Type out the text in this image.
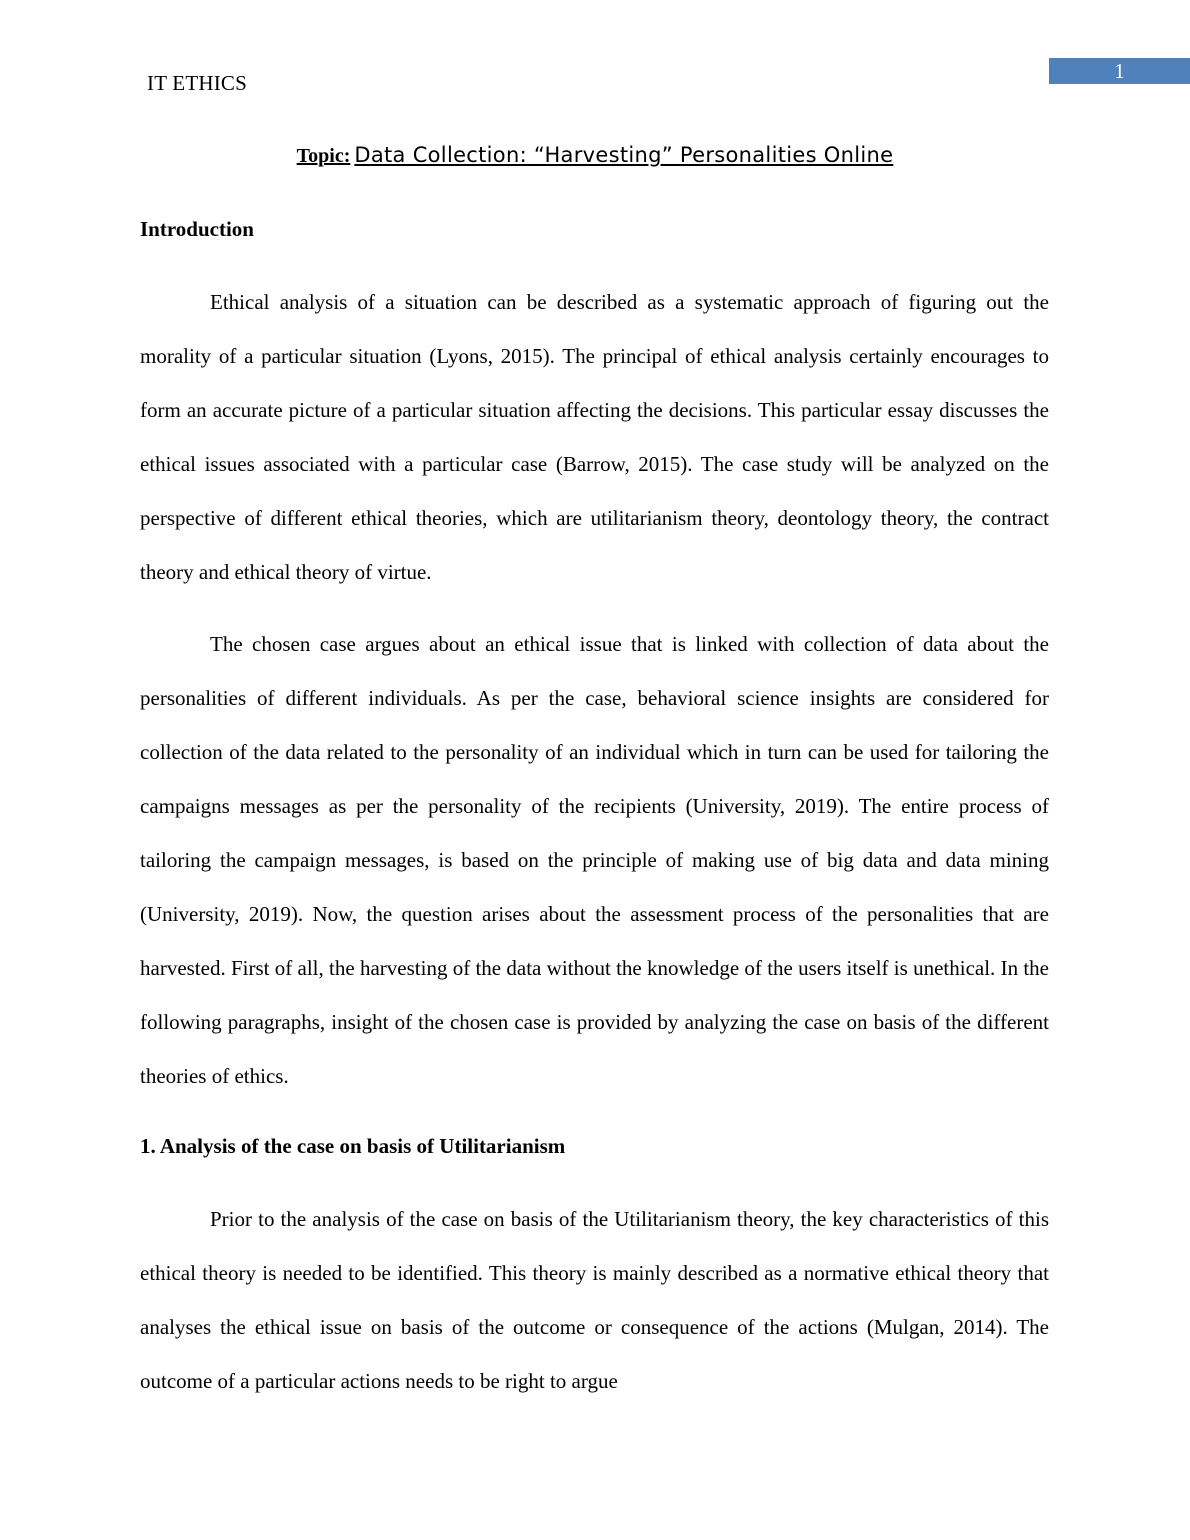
IT ETHICS	1
Topic: Data Collection: “Harvesting” Personalities Online
Introduction

Ethical analysis of a situation can be described as a systematic approach of figuring out the morality of a particular situation (Lyons, 2015). The principal of ethical analysis certainly encourages to form an accurate picture of a particular situation affecting the decisions. This particular essay discusses the ethical issues associated with a particular case (Barrow, 2015). The case study will be analyzed on the perspective of different ethical theories, which are utilitarianism theory, deontology theory, the contract theory and ethical theory of virtue.

The chosen case argues about an ethical issue that is linked with collection of data about the personalities of different individuals. As per the case, behavioral science insights are considered for collection of the data related to the personality of an individual which in turn can be used for tailoring the campaigns messages as per the personality of the recipients (University, 2019). The entire process of tailoring the campaign messages, is based on the principle of making use of big data and data mining (University, 2019). Now, the question arises about the assessment process of the personalities that are harvested. First of all, the harvesting of the data without the knowledge of the users itself is unethical. In the following paragraphs, insight of the chosen case is provided by analyzing the case on basis of the different theories of ethics.

1. Analysis of the case on basis of Utilitarianism

Prior to the analysis of the case on basis of the Utilitarianism theory, the key characteristics of this ethical theory is needed to be identified. This theory is mainly described as a normative ethical theory that analyses the ethical issue on basis of the outcome or consequence of the actions (Mulgan, 2014). The outcome of a particular actions needs to be right to argue
